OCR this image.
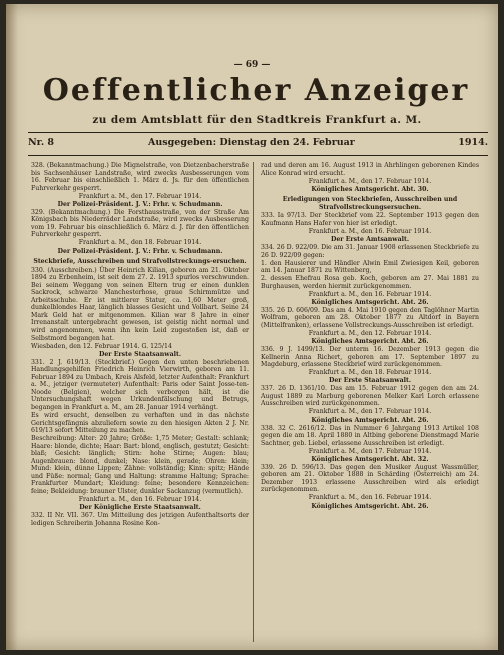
— 69 —
Oeffentlicher Anzeiger
zu dem Amtsblatt für den Stadtkreis Frankfurt a. M.
Nr. 8	Ausgegeben: Dienstag den 24. Februar	1914.

328. (Bekanntmachung.) Die Mignelstraße, von Dietzenbacherstraße bis Sachsenhäuser Landstraße, wird zwecks Ausbesserungen vom 16. Februar bis einschließlich 1. März d. Js. für den öffentlichen Fuhrverkehr gesperrt.

Frankfurt a. M., den 17. Februar 1914.

Der Polizei-Präsident. J. V.: Frhr. v. Schudmann.

329. (Bekanntmachung.) Die Forsthausstraße, von der Straße Am Königsbach bis Niederräder Landstraße, wird zwecks Ausbesserung vom 19. Februar bis einschließlich 6. März d. J. für den öffentlichen Fuhrverkehr gesperrt.

Frankfurt a. M., den 18. Februar 1914.

Der Polizei-Präsident. J. V.: Frhr. v. Schudmann.

Steckbriefe, Ausschreiben und Strafvollstreckungs-ersuchen.

330. (Ausschreiben.) Über Heinrich Kilian, geboren am 21. Oktober 1894 zu Erbenheim, ist seit dem 27. 2. 1913 spurlos verschwunden. Bei seinem Weggang von seinen Eltern trug er einen dunklen Sackrock, schwarze Manchesterhose, graue Schirmmütze und Arbeitsschuhe. Er ist mittlerer Statur, ca. 1,60 Meter groß, dunkelblondes Haar, länglich blasses Gesicht und Vollbart. Seine 24 Mark Geld hat er mitgenommen. Kilian war 8 Jahre in einer Irrenanstalt untergebracht gewesen, ist geistig nicht normal und wird angenommen, wenn ihn kein Leid zugestoßen ist, daß er Selbstmord begangen hat.

Wiesbaden, den 12. Februar 1914. G. 125/14

Der Erste Staatsanwalt.

331. 2 J. 619/13. (Steckbrief.) Gegen den unten beschriebenen Handlungsgehilfen Friedrich Heinrich Vierwirth, geboren am 11. Februar 1894 zu Umbach, Kreis Alsfeld, letzter Aufenthalt: Frankfurt a. M., jetziger (vermuteter) Aufenthalt: Paris oder Saint Josse-ten-Noode (Belgien), welcher sich verborgen hält, ist die Untersuchungshaft wegen Urkundenfälschung und Betrugs, begangen in Frankfurt a. M., am 28. Januar 1914 verhängt.

Es wird ersucht, denselben zu verhaften und in das nächste Gerichtsgefängnis abzuliefern sowie zu den hiesigen Akten 2 J. Nr. 619/13 sofort Mitteilung zu machen.

Beschreibung: Alter: 20 Jahre; Größe: 1,75 Meter; Gestalt: schlank; Haare: blonde, dichte; Haar: Bart: blond, englisch, gestutzt; Gesicht: blaß; Gesicht: länglich; Stirn: hohe Stirne; Augen: blau; Augenbrauen: blond, dunkel; Nase: klein, gerade; Ohren: klein; Mund: klein, dünne Lippen; Zähne: vollständig; Kinn: spitz; Hände und Füße: normal; Gang und Haltung: stramme Haltung; Sprache: Frankfurter Mundart; Kleidung: feine; besondere Kennzeichen: feine; Bekleidung: brauner Ulster, dunkler Sackanzug (vermutlich).

Frankfurt a. M., den 16. Februar 1914.

Der Königliche Erste Staatsanwalt.

332. II Nr. VII. 367. Um Mitteilung des jetzigen Aufenthaltsorts der ledigen Schreiberin Johanna Rosine Kon-

rad und deren am 16. August 1913 in Ahrhlingen geborenen Kindes Alice Konrad wird ersucht.

Frankfurt a. M., den 17. Februar 1914.

Königliches Amtsgericht. Abt. 30.

Erledigungen von Steckbriefen, Ausschreiben und Strafvollstreckungsersuchen.

333. Ia 97/13. Der Steckbrief vom 22. September 1913 gegen den Kaufmann Hans Hafer von hier ist erledigt.

Frankfurt a. M., den 16. Februar 1914.

Der Erste Amtsanwalt.

334. 26 D. 922/09. Die am 31. Januar 1908 erlassenen Steckbriefe zu 26 D. 922/09 gegen:

1. den Hausierer und Händler Alwin Emil Zwiesigen Keil, geboren am 14. Januar 1871 zu Wittenberg,

2. dessen Ehefrau Rosa geb. Koch, geboren am 27. Mai 1881 zu Burghausen, werden hiermit zurückgenommen.

Frankfurt a. M., den 16. Februar 1914.

Königliches Amtsgericht. Abt. 26.

335. 26 D. 606/09. Das am 4. Mai 1910 gegen den Taglöhner Martin Wolfram, geboren am 28. Oktober 1877 zu Altdorf in Bayern (Mittelfranken), erlassene Vollstreckungs-Ausschreiben ist erledigt.

Frankfurt a. M., den 12. Februar 1914.

Königliches Amtsgericht. Abt. 26.

336. 9 J. 1499/13. Der unterm 16. Dezember 1913 gegen die Kellnerin Anna Richert, geboren am 17. September 1897 zu Magdeburg, erlassene Steckbrief wird zurückgenommen.

Frankfurt a. M., den 18. Februar 1914.

Der Erste Staatsanwalt.

337. 26 D. 1361/10. Das am 15. Februar 1912 gegen den am 24. August 1889 zu Marburg geborenen Melker Karl Lorch erlassene Ausschreiben wird zurückgenommen.

Frankfurt a. M., den 17. Februar 1914.

Königliches Amtsgericht. Abt. 26.

338. 32 C. 2616/12. Das in Nummer 6 Jahrgang 1913 Artikel 108 gegen die am 18. April 1880 in Altbing geborene Dienstmagd Marie Sachtner, geb. Liebel, erlassene Ausschreiben ist erledigt.

Frankfurt a. M., den 17. Februar 1914.

Königliches Amtsgericht. Abt. 32.

339. 26 D. 596/13. Das gegen den Musiker August Wassmüller, geboren am 21. Oktober 1888 in Schärding (Österreich) am 24. Dezember 1913 erlassene Ausschreiben wird als erledigt zurückgenommen.

Frankfurt a. M., den 16. Februar 1914.

Königliches Amtsgericht. Abt. 26.
